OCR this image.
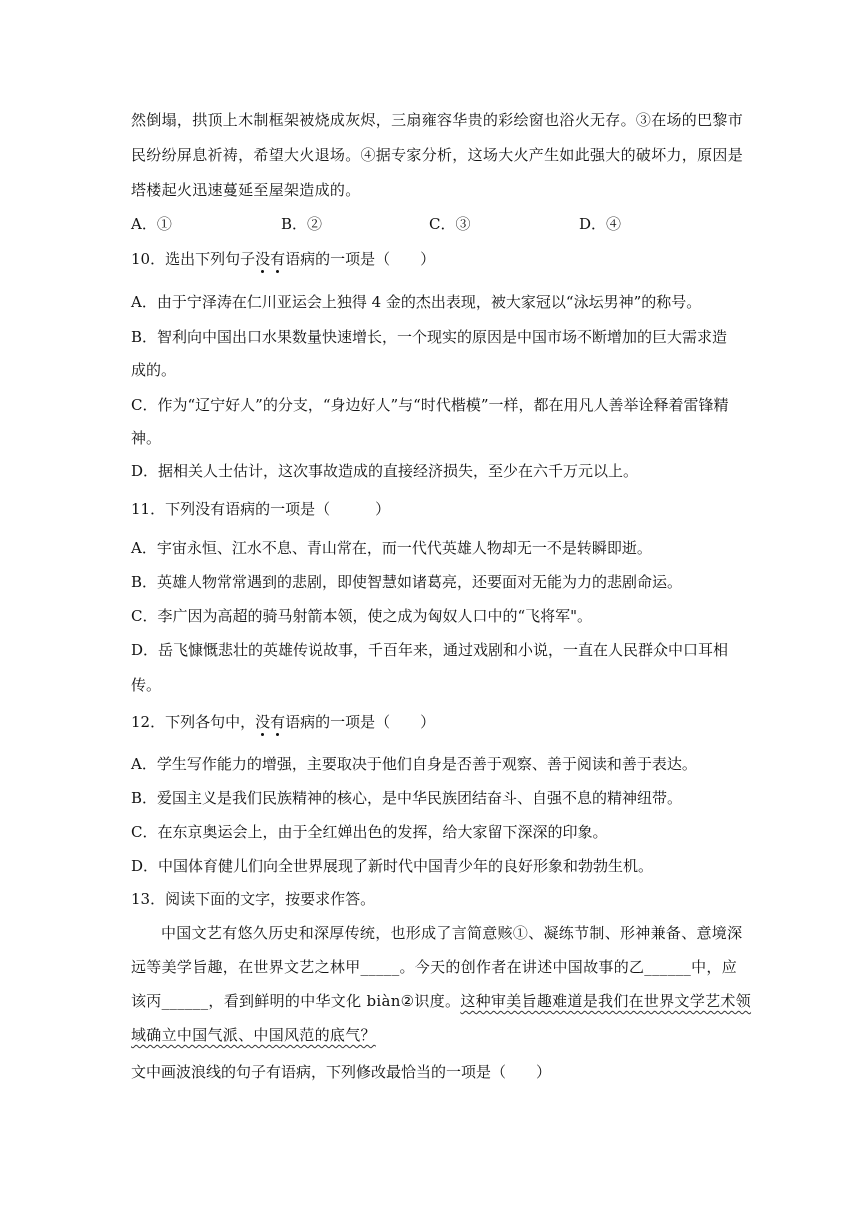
然倒塌，拱顶上木制框架被烧成灰烬，三扇雍容华贵的彩绘窗也浴火无存。③在场的巴黎市
民纷纷屏息祈祷，希望大火退场。④据专家分析，这场大火产生如此强大的破坏力，原因是
塔楼起火迅速蔓延至屋架造成的。
A．①	B．②	C．③	D．④
10．选出下列句子没有语病的一项是（　　）
A．由于宁泽涛在仁川亚运会上独得 4 金的杰出表现，被大家冠以“泳坛男神”的称号。
B．智利向中国出口水果数量快速增长，一个现实的原因是中国市场不断增加的巨大需求造
成的。
C．作为“辽宁好人”的分支，“身边好人”与“时代楷模”一样，都在用凡人善举诠释着雷锋精
神。
D．据相关人士估计，这次事故造成的直接经济损失，至少在六千万元以上。
11．下列没有语病的一项是（　　　）
A．宇宙永恒、江水不息、青山常在，而一代代英雄人物却无一不是转瞬即逝。
B．英雄人物常常遇到的悲剧，即使智慧如诸葛亮，还要面对无能为力的悲剧命运。
C．李广因为高超的骑马射箭本领，使之成为匈奴人口中的“飞将军"。
D．岳飞慷慨悲壮的英雄传说故事，千百年来，通过戏剧和小说，一直在人民群众中口耳相
传。
12．下列各句中，没有语病的一项是（　　）
A．学生写作能力的增强，主要取决于他们自身是否善于观察、善于阅读和善于表达。
B．爱国主义是我们民族精神的核心，是中华民族团结奋斗、自强不息的精神纽带。
C．在东京奥运会上，由于全红婵出色的发挥，给大家留下深深的印象。
D．中国体育健儿们向全世界展现了新时代中国青少年的良好形象和勃勃生机。
13．阅读下面的文字，按要求作答。
中国文艺有悠久历史和深厚传统，也形成了言简意赅①、凝练节制、形神兼备、意境深
远等美学旨趣，在世界文艺之林甲_____。今天的创作者在讲述中国故事的乙______中，应
该丙______，看到鲜明的中华文化 biàn②识度。这种审美旨趣难道是我们在世界文学艺术领
域确立中国气派、中国风范的底气？
文中画波浪线的句子有语病，下列修改最恰当的一项是（　　）
